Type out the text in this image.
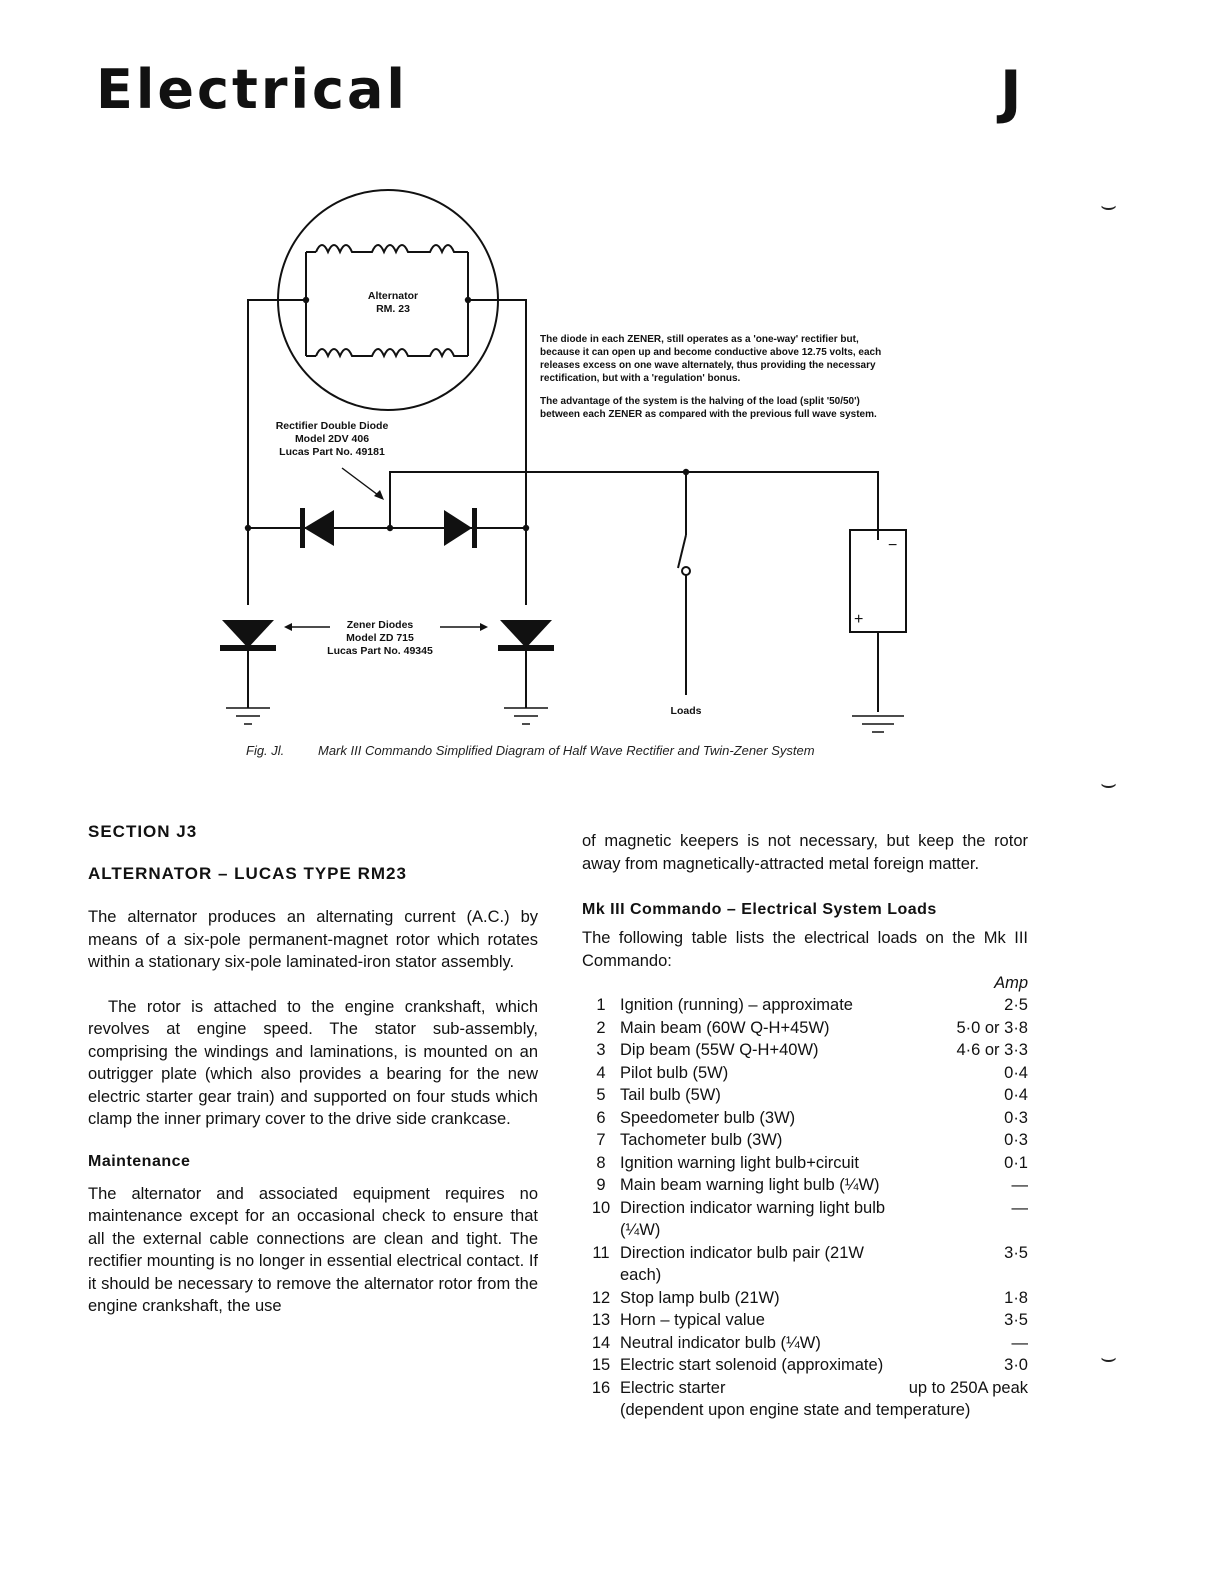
Electrical	J
⌣
⌣
⌣
−
+
Alternator
RM. 23
Rectifier Double Diode
Model 2DV 406
Lucas Part No. 49181
Zener Diodes
Model ZD 715
Lucas Part No. 49345
Loads

The diode in each ZENER, still operates as a 'one-way' rectifier but, because it can open up and become conductive above 12.75 volts, each releases excess on one wave alternately, thus providing the necessary rectification, but with a 'regulation' bonus.

The advantage of the system is the halving of the load (split '50/50') between each ZENER as compared with the previous full wave system.

Fig. Jl.	Mark III Commando Simplified Diagram of Half Wave Rectifier and Twin-Zener System

SECTION J3

ALTERNATOR – LUCAS TYPE RM23

The alternator produces an alternating current (A.C.) by means of a six-pole permanent-magnet rotor which rotates within a stationary six-pole laminated-iron stator assembly.

The rotor is attached to the engine crankshaft, which revolves at engine speed. The stator sub-assembly, comprising the windings and laminations, is mounted on an outrigger plate (which also provides a bearing for the new electric starter gear train) and supported on four studs which clamp the inner primary cover to the drive side crankcase.

Maintenance

The alternator and associated equipment requires no maintenance except for an occasional check to ensure that all the external cable connections are clean and tight. The rectifier mounting is no longer in essential electrical contact. If it should be necessary to remove the alternator rotor from the engine crankshaft, the use

of magnetic keepers is not necessary, but keep the rotor away from magnetically-attracted metal foreign matter.

Mk III Commando – Electrical System Loads

The following table lists the electrical loads on the Mk III Commando:

Amp
1	Ignition (running) – approximate	2·5
2	Main beam (60W Q-H+45W)	5·0 or 3·8
3	Dip beam (55W Q-H+40W)	4·6 or 3·3
4	Pilot bulb (5W)	0·4
5	Tail bulb (5W)	0·4
6	Speedometer bulb (3W)	0·3
7	Tachometer bulb (3W)	0·3
8	Ignition warning light bulb+circuit	0·1
9	Main beam warning light bulb (¼W)	—
10	Direction indicator warning light bulb (¼W)	—
11	Direction indicator bulb pair (21W each)	3·5
12	Stop lamp bulb (21W)	1·8
13	Horn – typical value	3·5
14	Neutral indicator bulb (¼W)	—
15	Electric start solenoid (approximate)	3·0
16	Electric starter	up to 250A peak
	(dependent upon engine state and temperature)	
